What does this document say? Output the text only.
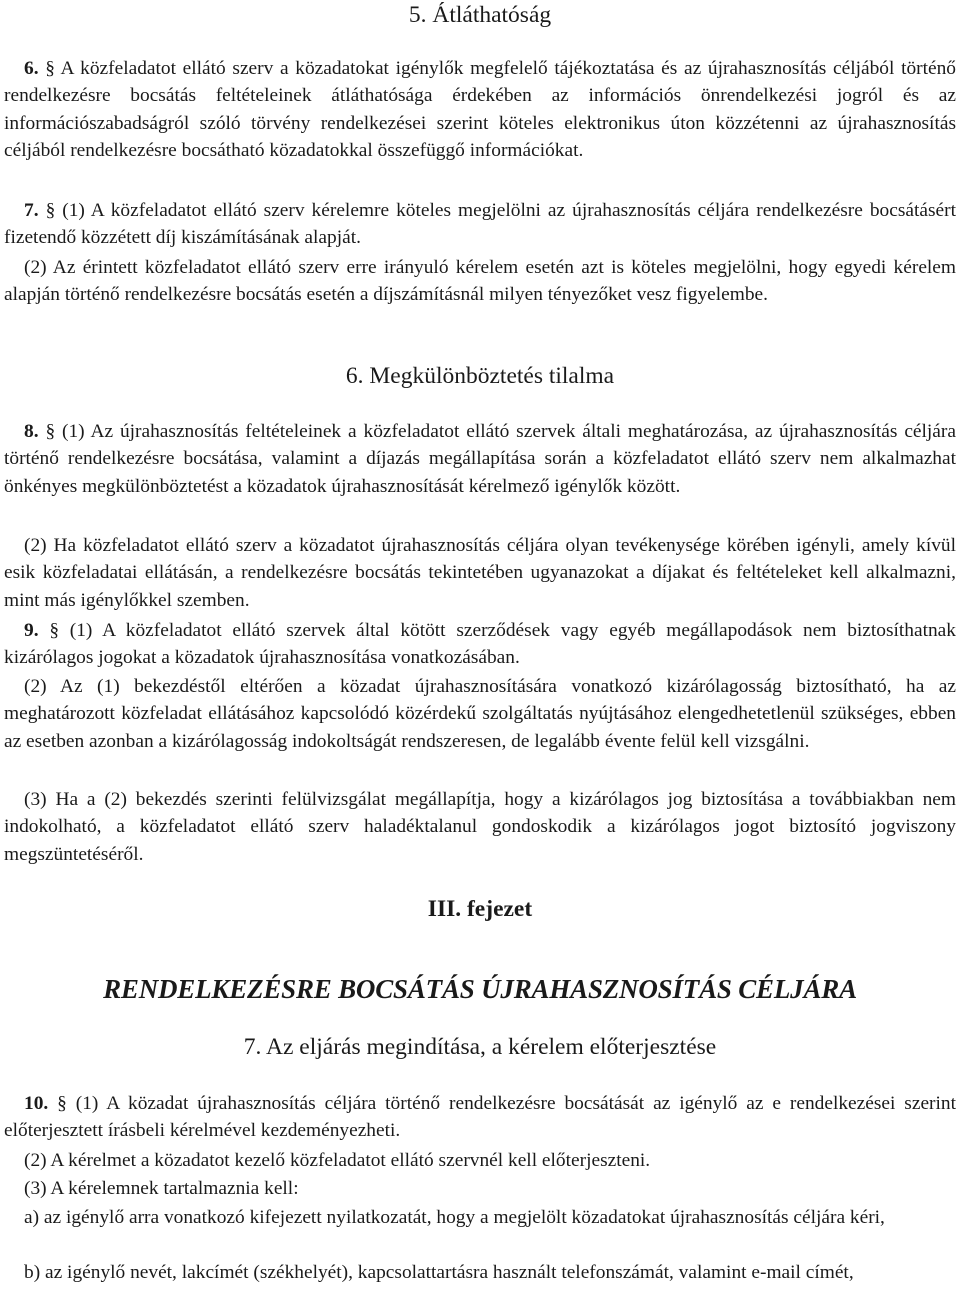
5. Átláthatóság

6. § A közfeladatot ellátó szerv a közadatokat igénylők megfelelő tájékoztatása és az újrahasznosítás céljából történő rendelkezésre bocsátás feltételeinek átláthatósága érdekében az információs önrendelkezési jogról és az információszabadságról szóló törvény rendelkezései szerint köteles elektronikus úton közzétenni az újrahasznosítás céljából rendelkezésre bocsátható közadatokkal összefüggő információkat.

7. § (1) A közfeladatot ellátó szerv kérelemre köteles megjelölni az újrahasznosítás céljára rendelkezésre bocsátásért fizetendő közzétett díj kiszámításának alapját.

(2) Az érintett közfeladatot ellátó szerv erre irányuló kérelem esetén azt is köteles megjelölni, hogy egyedi kérelem alapján történő rendelkezésre bocsátás esetén a díjszámításnál milyen tényezőket vesz figyelembe.

6. Megkülönböztetés tilalma

8. § (1) Az újrahasznosítás feltételeinek a közfeladatot ellátó szervek általi meghatározása, az újrahasznosítás céljára történő rendelkezésre bocsátása, valamint a díjazás megállapítása során a közfeladatot ellátó szerv nem alkalmazhat önkényes megkülönböztetést a közadatok újrahasznosítását kérelmező igénylők között.

(2) Ha közfeladatot ellátó szerv a közadatot újrahasznosítás céljára olyan tevékenysége körében igényli, amely kívül esik közfeladatai ellátásán, a rendelkezésre bocsátás tekintetében ugyanazokat a díjakat és feltételeket kell alkalmazni, mint más igénylőkkel szemben.

9. § (1) A közfeladatot ellátó szervek által kötött szerződések vagy egyéb megállapodások nem biztosíthatnak kizárólagos jogokat a közadatok újrahasznosítása vonatkozásában.

(2) Az (1) bekezdéstől eltérően a közadat újrahasznosítására vonatkozó kizárólagosság biztosítható, ha az meghatározott közfeladat ellátásához kapcsolódó közérdekű szolgáltatás nyújtásához elengedhetetlenül szükséges, ebben az esetben azonban a kizárólagosság indokoltságát rendszeresen, de legalább évente felül kell vizsgálni.

(3) Ha a (2) bekezdés szerinti felülvizsgálat megállapítja, hogy a kizárólagos jog biztosítása a továbbiakban nem indokolható, a közfeladatot ellátó szerv haladéktalanul gondoskodik a kizárólagos jogot biztosító jogviszony megszüntetéséről.

III. fejezet

RENDELKEZÉSRE BOCSÁTÁS ÚJRAHASZNOSÍTÁS CÉLJÁRA

7. Az eljárás megindítása, a kérelem előterjesztése

10. § (1) A közadat újrahasznosítás céljára történő rendelkezésre bocsátását az igénylő az e rendelkezései szerint előterjesztett írásbeli kérelmével kezdeményezheti.

(2) A kérelmet a közadatot kezelő közfeladatot ellátó szervnél kell előterjeszteni.

(3) A kérelemnek tartalmaznia kell:

a) az igénylő arra vonatkozó kifejezett nyilatkozatát, hogy a megjelölt közadatokat újrahasznosítás céljára kéri,

b) az igénylő nevét, lakcímét (székhelyét), kapcsolattartásra használt telefonszámát, valamint e-mail címét,
